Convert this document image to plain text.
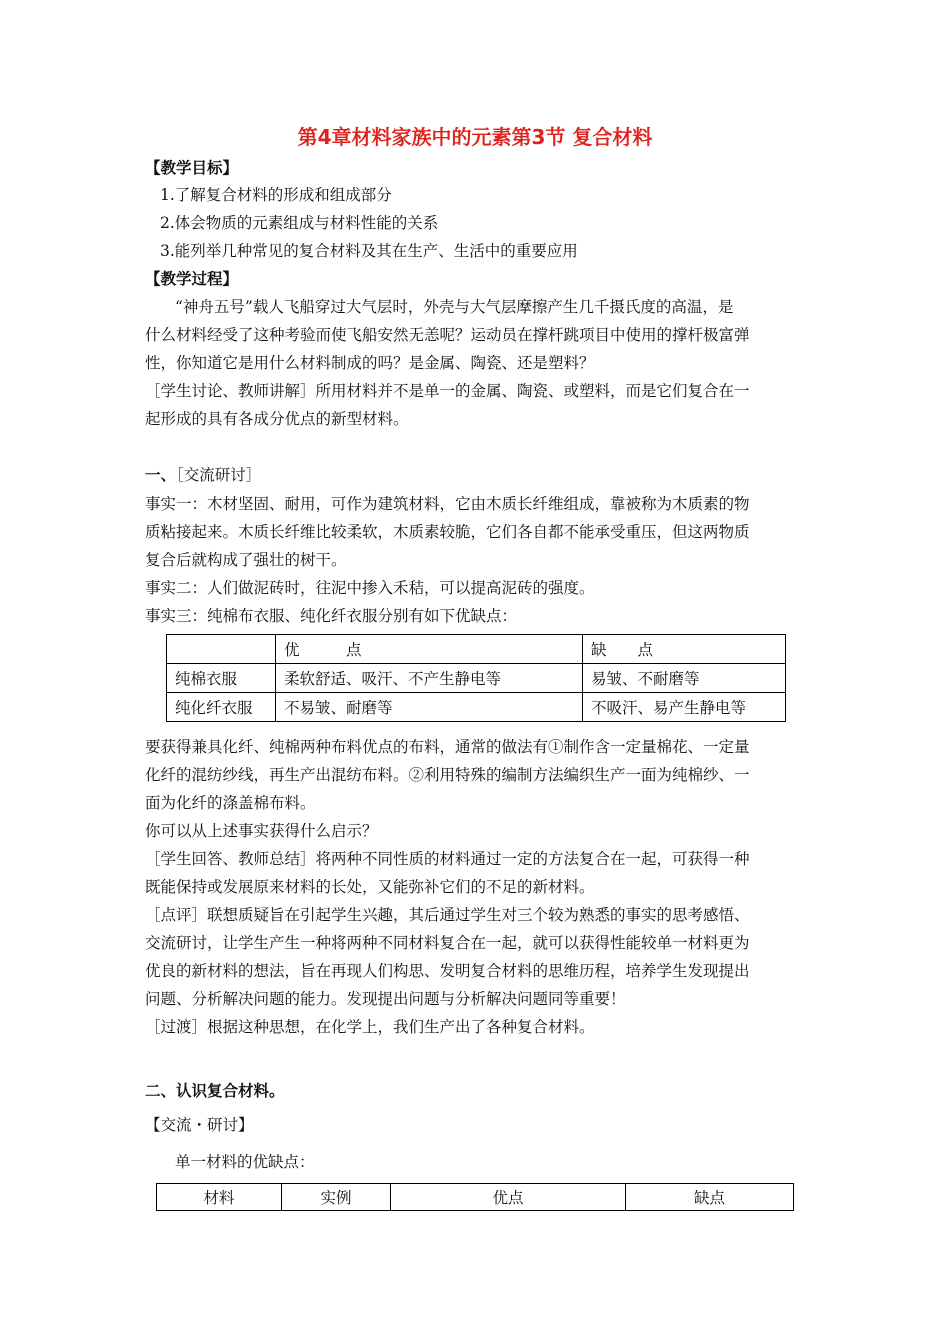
第4章材料家族中的元素第3节 复合材料
【教学目标】
1.了解复合材料的形成和组成部分
2.体会物质的元素组成与材料性能的关系
3.能列举几种常见的复合材料及其在生产、生活中的重要应用
【教学过程】
“神舟五号”载人飞船穿过大气层时，外壳与大气层摩擦产生几千摄氏度的高温，是
什么材料经受了这种考验而使飞船安然无恙呢？运动员在撑杆跳项目中使用的撑杆极富弹
性，你知道它是用什么材料制成的吗？是金属、陶瓷、还是塑料？
［学生讨论、教师讲解］所用材料并不是单一的金属、陶瓷、或塑料，而是它们复合在一
起形成的具有各成分优点的新型材料。
一、［交流研讨］
事实一：木材坚固、耐用，可作为建筑材料，它由木质长纤维组成，靠被称为木质素的物
质粘接起来。木质长纤维比较柔软，木质素较脆，它们各自都不能承受重压，但这两物质
复合后就构成了强壮的树干。
事实二：人们做泥砖时，往泥中掺入禾秸，可以提高泥砖的强度。
事实三：纯棉布衣服、纯化纤衣服分别有如下优缺点：
	优　　　点	缺　　点
纯棉衣服	柔软舒适、吸汗、不产生静电等	易皱、不耐磨等
纯化纤衣服	不易皱、耐磨等	不吸汗、易产生静电等
要获得兼具化纤、纯棉两种布料优点的布料，通常的做法有①制作含一定量棉花、一定量
化纤的混纺纱线，再生产出混纺布料。②利用特殊的编制方法编织生产一面为纯棉纱、一
面为化纤的涤盖棉布料。
你可以从上述事实获得什么启示？
［学生回答、教师总结］将两种不同性质的材料通过一定的方法复合在一起，可获得一种
既能保持或发展原来材料的长处，又能弥补它们的不足的新材料。
［点评］联想质疑旨在引起学生兴趣，其后通过学生对三个较为熟悉的事实的思考感悟、
交流研讨，让学生产生一种将两种不同材料复合在一起，就可以获得性能较单一材料更为
优良的新材料的想法，旨在再现人们构思、发明复合材料的思维历程，培养学生发现提出
问题、分析解决问题的能力。发现提出问题与分析解决问题同等重要！
［过渡］根据这种思想，在化学上，我们生产出了各种复合材料。
二、认识复合材料。
【交流・研讨】
单一材料的优缺点：
材料	实例	优点	缺点
